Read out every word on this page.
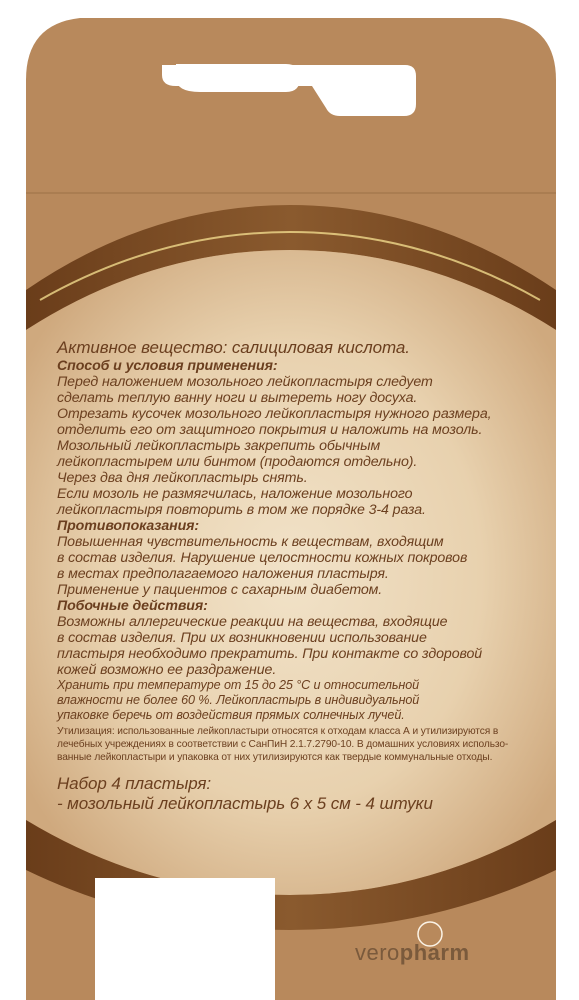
Активное вещество: салициловая кислота.
Способ и условия применения:
Перед наложением мозольного лейкопластыря следует
сделать теплую ванну ноги и вытереть ногу досуха.
Отрезать кусочек мозольного лейкопластыря нужного размера,
отделить его от защитного покрытия и наложить на мозоль.
Мозольный лейкопластырь закрепить обычным
лейкопластырем или бинтом (продаются отдельно).
Через два дня лейкопластырь снять.
Если мозоль не размягчилась, наложение мозольного
лейкопластыря повторить в том же порядке 3-4 раза.
Противопоказания:
Повышенная чувствительность к веществам, входящим
в состав изделия. Нарушение целостности кожных покровов
в местах предполагаемого наложения пластыря.
Применение у пациентов с сахарным диабетом.
Побочные действия:
Возможны аллергические реакции на вещества, входящие
в состав изделия. При их возникновении использование
пластыря необходимо прекратить. При контакте со здоровой
кожей возможно ее раздражение.
Хранить при температуре от 15 до 25 °С и относительной
влажности не более 60 %. Лейкопластырь в индивидуальной
упаковке беречь от воздействия прямых солнечных лучей.
Утилизация: использованные лейкопластыри относятся к отходам класса А и утилизируются в
лечебных учреждениях в соответствии с СанПиН 2.1.7.2790-10. В домашних условиях использо-
ванные лейкопластыри и упаковка от них утилизируются как твердые коммунальные отходы.
Набор 4 пластыря:
- мозольный лейкопластырь 6 х 5 см - 4 штуки
veropharm
